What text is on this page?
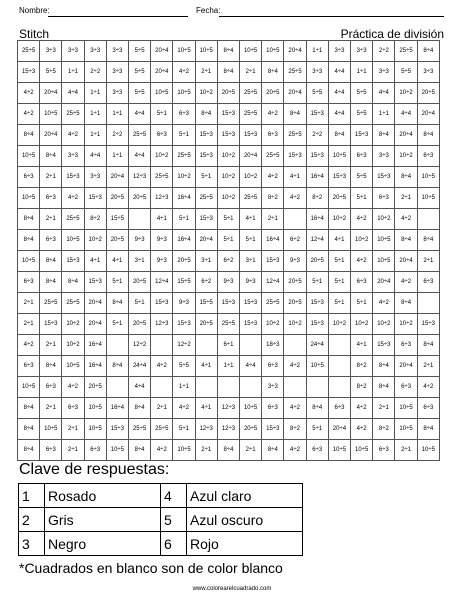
Nombre:	Fecha:
Stitch	Práctica de división
25÷5	3÷3	3÷3	3÷3	3÷3	5÷5	20÷4	10÷5	10÷5	8÷4	10÷5	10÷5	20÷4	1÷1	3÷3	3÷3	2÷2	25÷5	8÷4
15÷3	5÷5	1÷1	2÷2	3÷3	5÷5	20÷4	4÷2	2÷1	8÷4	2÷1	8÷4	25÷5	3÷3	4÷4	1÷1	3÷3	5÷5	3÷3
4÷2	20÷4	4÷4	1÷1	3÷3	5÷5	10÷5	10÷5	10÷2	20÷5	25÷5	20÷5	20÷4	5÷5	4÷4	5÷5	4÷4	10÷2	20÷5
4÷2	10÷5	25÷5	1÷1	1÷1	4÷4	5÷1	6÷3	8÷4	15÷3	25÷5	4÷2	8÷4	15÷3	4÷4	5÷5	1÷1	4÷4	20÷4
8÷4	20÷4	4÷2	1÷1	2÷2	25÷5	6÷3	5÷1	15÷3	15÷3	15÷3	6÷3	25÷5	2÷2	8÷4	15÷3	8÷4	20÷4	8÷4
10÷5	8÷4	3÷3	4÷4	1÷1	4÷4	10÷2	25÷5	15÷3	10÷2	20÷4	25÷5	15÷3	15÷3	10÷5	6÷3	3÷3	10÷2	6÷3
6÷3	2÷1	15÷3	3÷3	20÷4	12÷3	25÷5	10÷2	5÷1	10÷2	10÷2	4÷2	4÷1	16÷4	15÷3	5÷5	15÷3	8÷4	10÷5
10÷5	6÷3	4÷2	15÷3	20÷5	20÷5	12÷3	16÷4	25÷5	10÷2	25÷5	8÷2	4÷2	8÷2	20÷5	5÷1	6÷3	2÷1	10÷5
8÷4	2÷1	25÷5	8÷2	15÷5		4÷1	5÷1	15÷3	5÷1	4÷1	2÷1		16÷4	10÷2	4÷2	10÷2	4÷2	
8÷4	6÷3	10÷5	10÷2	20÷5	9÷3	9÷3	16÷4	20÷4	5÷1	5÷1	16÷4	6÷2	12÷4	4÷1	10÷2	10÷5	8÷4	8÷4
10÷5	8÷4	15÷3	4÷1	4÷1	3÷1	9÷3	20÷5	3÷1	6÷2	3÷1	15÷3	9÷3	20÷5	5÷1	4÷2	10÷5	20÷4	2÷1
6÷3	8÷4	8÷4	15÷3	5÷1	20÷5	12÷4	15÷5	6÷2	9÷3	9÷3	12÷4	20÷5	5÷1	5÷1	6÷3	20÷4	4÷2	6÷3
2÷1	25÷5	25÷5	20÷4	8÷4	5÷1	15÷3	9÷3	15÷5	15÷3	15÷3	25÷5	20÷5	15÷3	5÷1	5÷1	4÷2	8÷4	
2÷1	15÷3	10÷2	20÷4	5÷1	20÷5	12÷3	15÷3	20÷5	25÷5	15÷3	10÷2	10÷2	15÷3	10÷2	10÷2	10÷2	10÷2	15÷3
4÷2	2÷1	10÷2	16÷4		12÷2		12÷2		6÷1		18÷3		24÷4		4÷1	15÷3	6÷3	8÷4
6÷3	8÷4	10÷5	16÷4	8÷4	24÷4	4÷2	5÷5	4÷1	1÷1	4÷4	6÷3	4÷2	10÷5		8÷2	8÷4	20÷4	2÷1
10÷5	6÷3	4÷2	20÷5		4÷4		1÷1				3÷3				8÷2	8÷4	6÷3	4÷2
8÷4	2÷1	6÷3	10÷5	16÷4	8÷4	2÷1	4÷2	4÷1	12÷3	10÷5	6÷3	4÷2	8÷4	6÷3	4÷2	2÷1	10÷5	6÷3
8÷4	10÷5	2÷1	10÷5	15÷3	25÷5	25÷5	5÷1	12÷3	12÷3	20÷5	15÷3	8÷2	5÷1	20÷4	4÷2	8÷2	10÷5	8÷4
8÷4	6÷3	2÷1	6÷3	10÷5	8÷4	4÷2	10÷5	2÷1	8÷4	2÷1	8÷4	4÷2	6÷3	10÷5	10÷5	6÷3	2÷1	10÷5
Clave de respuestas:
1	Rosado	4	Azul claro
2	Gris	5	Azul oscuro
3	Negro	6	Rojo
*Cuadrados en blanco son de color blanco
www.colorearelcuadrado.com
